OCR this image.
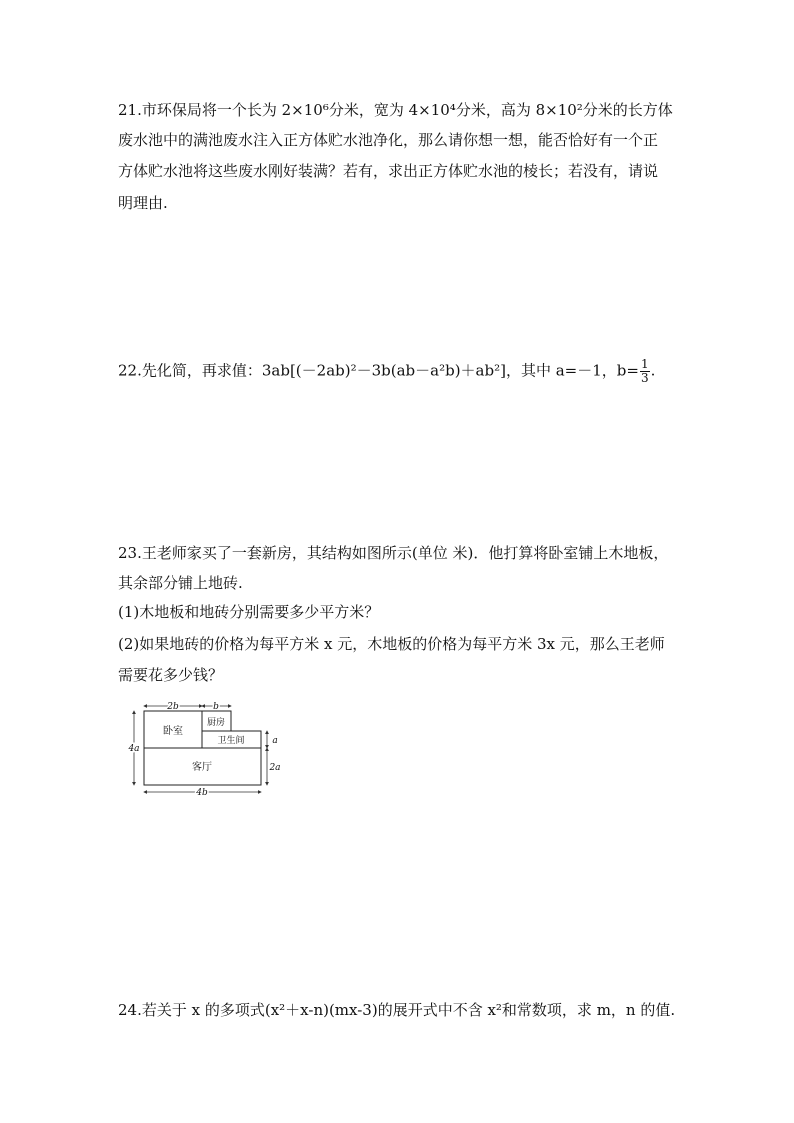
21.市环保局将一个长为 2×10⁶分米，宽为 4×10⁴分米，高为 8×10²分米的长方体
废水池中的满池废水注入正方体贮水池净化，那么请你想一想，能否恰好有一个正
方体贮水池将这些废水刚好装满？若有，求出正方体贮水池的棱长；若没有，请说
明理由.
22.先化简，再求值：3ab[(－2ab)²－3b(ab－a²b)＋ab²]，其中 a=－1，$b= \frac{1}{3}$ .
23.王老师家买了一套新房，其结构如图所示(单位 米)．他打算将卧室铺上木地板，
其余部分铺上地砖.
(1)木地板和地砖分别需要多少平方米？
(2)如果地砖的价格为每平方米 x 元，木地板的价格为每平方米 3x 元，那么王老师
需要花多少钱？
卧室
厨房
卫生间
客厅
2b	b
4a
a
2a
4b
24.若关于 x 的多项式(x²＋x-n)(mx-3)的展开式中不含 x²和常数项，求 m，n 的值.
